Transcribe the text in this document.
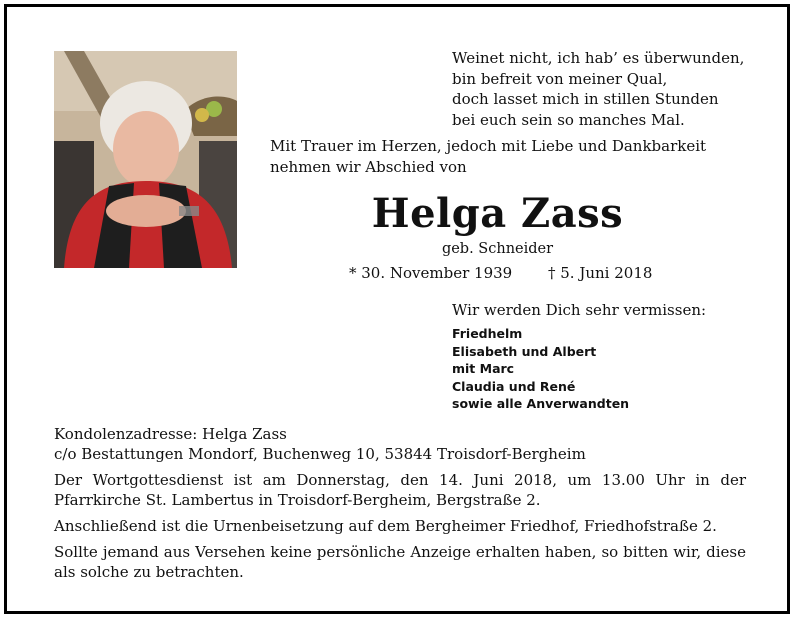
Weinet nicht, ich hab’ es überwunden,
bin befreit von meiner Qual,
doch lasset mich in stillen Stunden
bei euch sein so manches Mal.
Mit Trauer im Herzen, jedoch mit Liebe und Dankbarkeit nehmen wir Abschied von
Helga Zass
geb. Schneider
* 30. November 1939 † 5. Juni 2018
Wir werden Dich sehr vermissen:
Friedhelm
Elisabeth und Albert
mit Marc
Claudia und René
sowie alle Anverwandten

Kondolenzadresse: Helga Zass
c/o Bestattungen Mondorf, Buchenweg 10, 53844 Troisdorf-Bergheim

Der Wortgottesdienst ist am Donnerstag, den 14. Juni 2018, um 13.00 Uhr in der Pfarrkirche St. Lambertus in Troisdorf-Bergheim, Bergstraße 2.

Anschließend ist die Urnenbeisetzung auf dem Bergheimer Friedhof, Friedhofstraße 2.

Sollte jemand aus Versehen keine persönliche Anzeige erhalten haben, so bitten wir, diese als solche zu betrachten.
